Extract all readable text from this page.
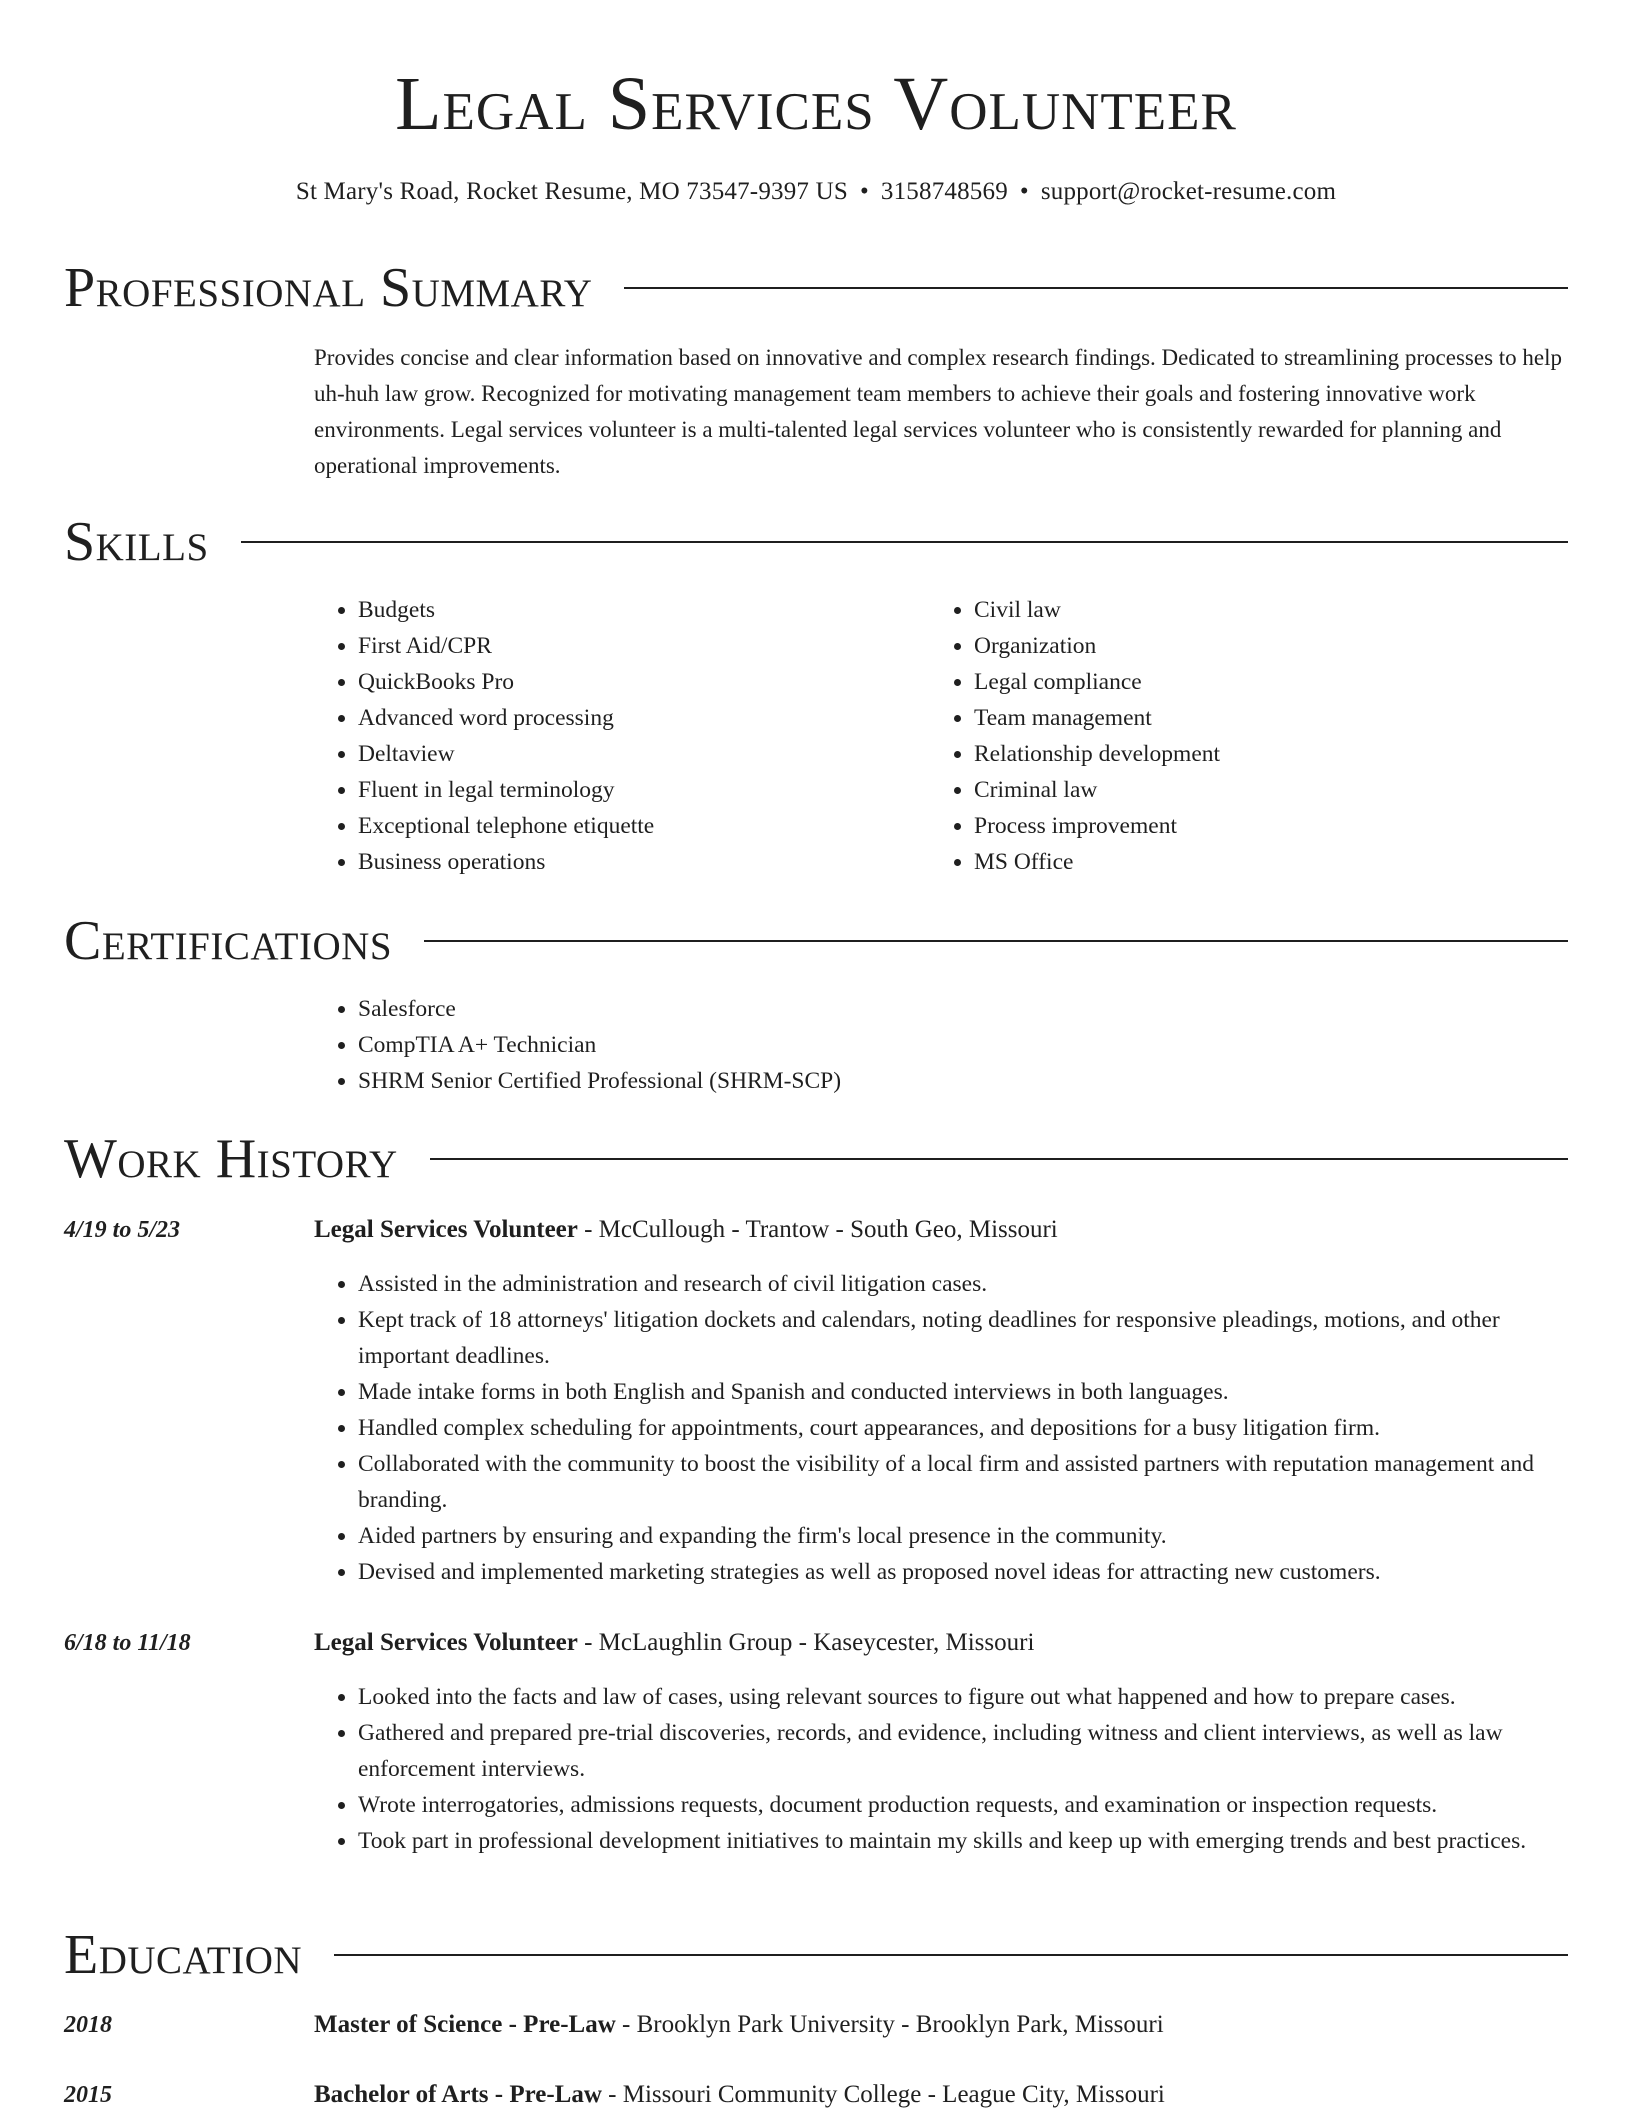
Legal Services Volunteer
St Mary's Road, Rocket Resume, MO 73547-9397 US • 3158748569 • support@rocket-resume.com
Professional Summary

Provides concise and clear information based on innovative and complex research findings. Dedicated to streamlining processes to help uh-huh law grow. Recognized for motivating management team members to achieve their goals and fostering innovative work environments. Legal services volunteer is a multi-talented legal services volunteer who is consistently rewarded for planning and operational improvements.

Skills
• Budgets
• First Aid/CPR
• QuickBooks Pro
• Advanced word processing
• Deltaview
• Fluent in legal terminology
• Exceptional telephone etiquette
• Business operations
• Civil law
• Organization
• Legal compliance
• Team management
• Relationship development
• Criminal law
• Process improvement
• MS Office
Certifications
• Salesforce
• CompTIA A+ Technician
• SHRM Senior Certified Professional (SHRM-SCP)
Work History
4/19 to 5/23	Legal Services Volunteer - McCullough - Trantow - South Geo, Missouri
• Assisted in the administration and research of civil litigation cases.
• Kept track of 18 attorneys' litigation dockets and calendars, noting deadlines for responsive pleadings, motions, and other important deadlines.
• Made intake forms in both English and Spanish and conducted interviews in both languages.
• Handled complex scheduling for appointments, court appearances, and depositions for a busy litigation firm.
• Collaborated with the community to boost the visibility of a local firm and assisted partners with reputation management and branding.
• Aided partners by ensuring and expanding the firm's local presence in the community.
• Devised and implemented marketing strategies as well as proposed novel ideas for attracting new customers.
6/18 to 11/18	Legal Services Volunteer - McLaughlin Group - Kaseycester, Missouri
• Looked into the facts and law of cases, using relevant sources to figure out what happened and how to prepare cases.
• Gathered and prepared pre-trial discoveries, records, and evidence, including witness and client interviews, as well as law enforcement interviews.
• Wrote interrogatories, admissions requests, document production requests, and examination or inspection requests.
• Took part in professional development initiatives to maintain my skills and keep up with emerging trends and best practices.
Education
2018	Master of Science - Pre-Law - Brooklyn Park University - Brooklyn Park, Missouri
2015	Bachelor of Arts - Pre-Law - Missouri Community College - League City, Missouri
